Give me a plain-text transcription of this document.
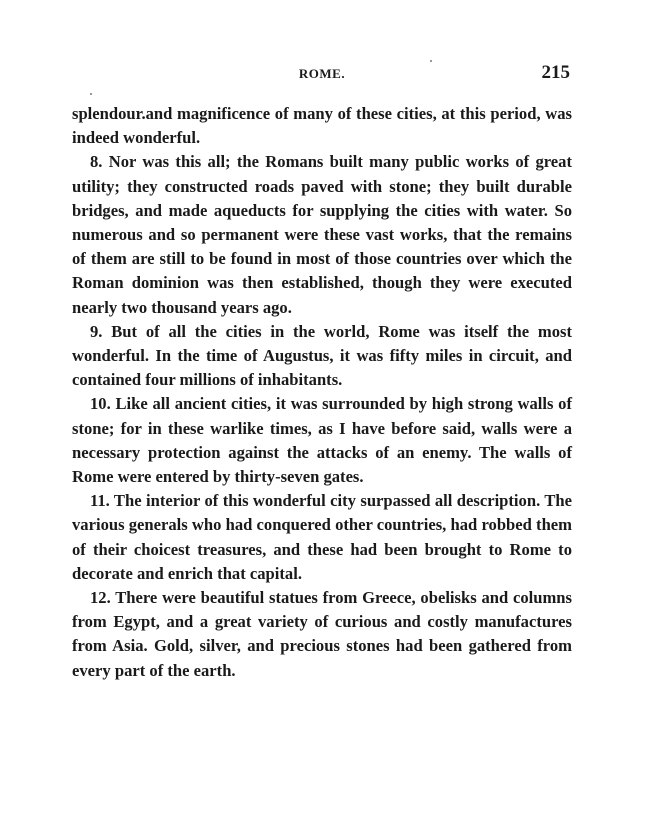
ROME.	215

splendour.and magnificence of many of these cities, at this period, was indeed wonderful.

8. Nor was this all; the Romans built many public works of great utility; they constructed roads paved with stone; they built durable bridges, and made aqueducts for supplying the cities with water. So numerous and so permanent were these vast works, that the remains of them are still to be found in most of those countries over which the Roman dominion was then established, though they were executed nearly two thousand years ago.

9. But of all the cities in the world, Rome was itself the most wonderful. In the time of Augustus, it was fifty miles in circuit, and contained four millions of inhabitants.

10. Like all ancient cities, it was surrounded by high strong walls of stone; for in these warlike times, as I have before said, walls were a necessary protection against the attacks of an enemy. The walls of Rome were entered by thirty-seven gates.

11. The interior of this wonderful city surpassed all description. The various generals who had conquered other countries, had robbed them of their choicest treasures, and these had been brought to Rome to decorate and enrich that capital.

12. There were beautiful statues from Greece, obelisks and columns from Egypt, and a great variety of curious and costly manufactures from Asia. Gold, silver, and precious stones had been gathered from every part of the earth.
